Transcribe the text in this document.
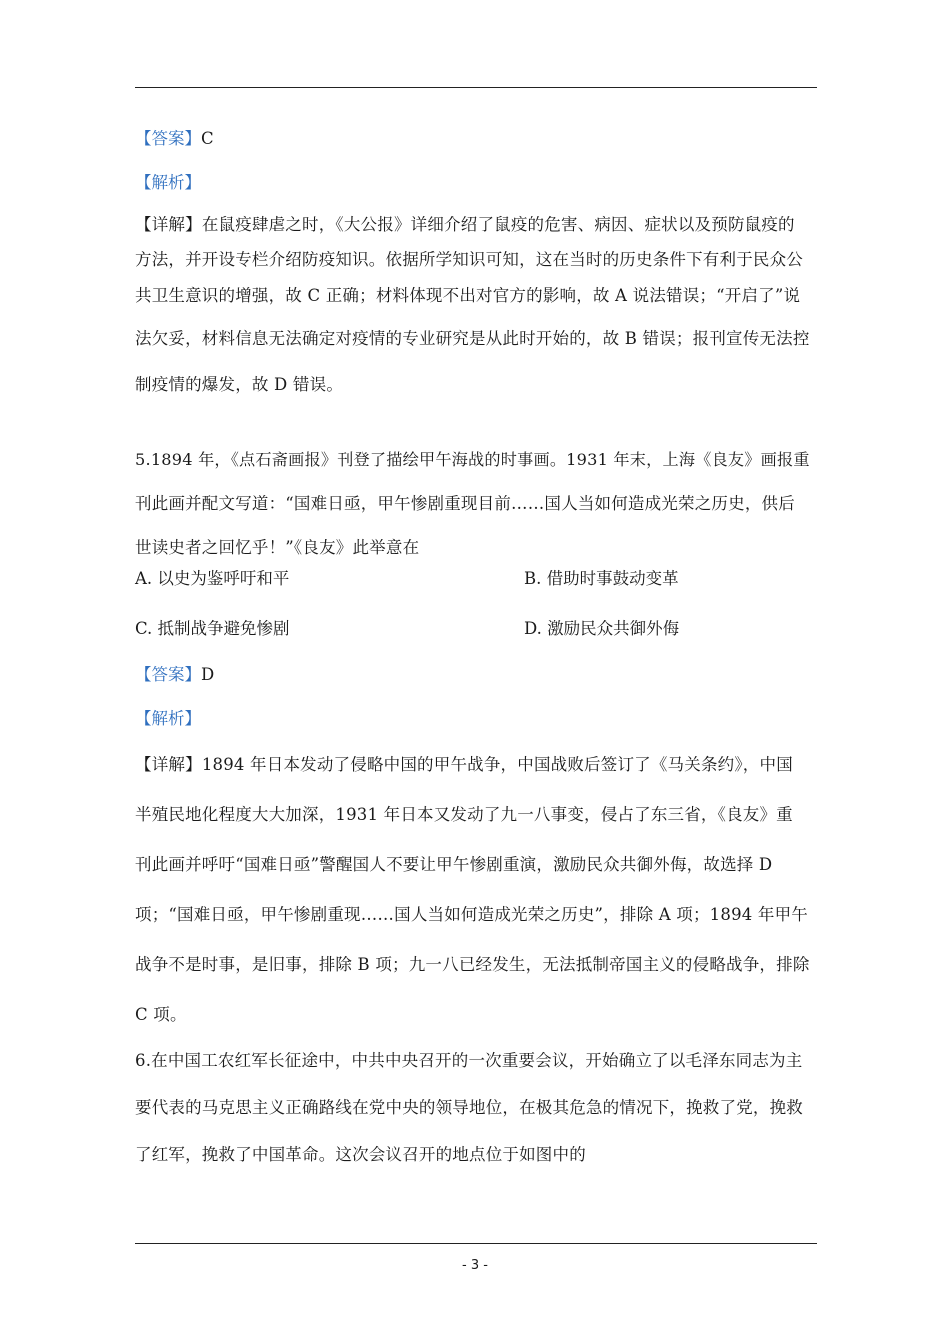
【答案】C
【解析】
【详解】在鼠疫肆虐之时，《大公报》详细介绍了鼠疫的危害、病因、症状以及预防鼠疫的
方法，并开设专栏介绍防疫知识。依据所学知识可知，这在当时的历史条件下有利于民众公
共卫生意识的增强，故 C 正确；材料体现不出对官方的影响，故 A 说法错误；“开启了”说
法欠妥，材料信息无法确定对疫情的专业研究是从此时开始的，故 B 错误；报刊宣传无法控
制疫情的爆发，故 D 错误。
5.1894 年，《点石斋画报》刊登了描绘甲午海战的时事画。1931 年末，上海《良友》画报重
刊此画并配文写道：“国难日亟，甲午惨剧重现目前……国人当如何造成光荣之历史，供后
世读史者之回忆乎！”《良友》此举意在
A. 以史为鉴呼吁和平	B. 借助时事鼓动变革
C. 抵制战争避免惨剧	D. 激励民众共御外侮
【答案】D
【解析】
【详解】1894 年日本发动了侵略中国的甲午战争，中国战败后签订了《马关条约》，中国
半殖民地化程度大大加深，1931 年日本又发动了九一八事变，侵占了东三省，《良友》重
刊此画并呼吁“国难日亟”警醒国人不要让甲午惨剧重演，激励民众共御外侮，故选择 D
项；“国难日亟，甲午惨剧重现……国人当如何造成光荣之历史”，排除 A 项；1894 年甲午
战争不是时事，是旧事，排除 B 项；九一八已经发生，无法抵制帝国主义的侵略战争，排除
C 项。
6.在中国工农红军长征途中，中共中央召开的一次重要会议，开始确立了以毛泽东同志为主
要代表的马克思主义正确路线在党中央的领导地位，在极其危急的情况下，挽救了党，挽救
了红军，挽救了中国革命。这次会议召开的地点位于如图中的
- 3 -
